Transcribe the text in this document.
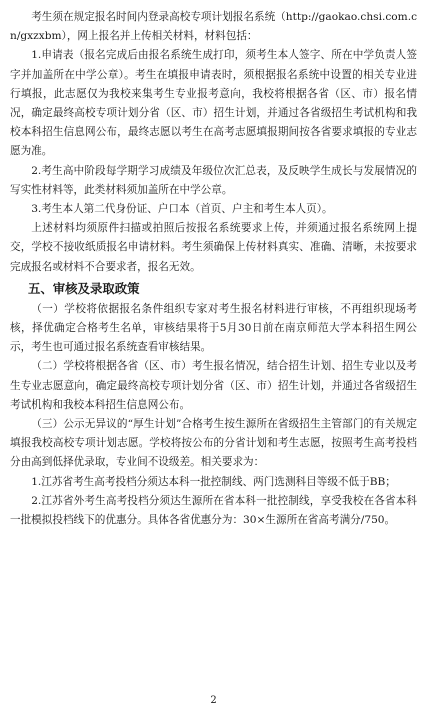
考生须在规定报名时间内登录高校专项计划报名系统（http://gaokao.chsi.com.cn/gxzxbm），网上报名并上传相关材料，材料包括：

1.申请表（报名完成后由报名系统生成打印，须考生本人签字、所在中学负责人签字并加盖所在中学公章）。考生在填报申请表时，须根据报名系统中设置的相关专业进行填报，此志愿仅为我校来集考生专业报考意向，我校将根据各省（区、市）报名情况，确定最终高校专项计划分省（区、市）招生计划，并通过各省级招生考试机构和我校本科招生信息网公布，最终志愿以考生在高考志愿填报期间按各省要求填报的专业志愿为准。

2.考生高中阶段每学期学习成绩及年级位次汇总表，及反映学生成长与发展情况的写实性材料等，此类材料须加盖所在中学公章。

3.考生本人第二代身份证、户口本（首页、户主和考生本人页）。

上述材料均须原件扫描或拍照后按报名系统要求上传，并须通过报名系统网上提交，学校不接收纸质报名申请材料。考生须确保上传材料真实、准确、清晰，未按要求完成报名或材料不合要求者，报名无效。

五、审核及录取政策

（一）学校将依据报名条件组织专家对考生报名材料进行审核，不再组织现场考核，择优确定合格考生名单，审核结果将于5月30日前在南京师范大学本科招生网公示，考生也可通过报名系统查看审核结果。

（二）学校将根据各省（区、市）考生报名情况，结合招生计划、招生专业以及考生专业志愿意向，确定最终高校专项计划分省（区、市）招生计划，并通过各省级招生考试机构和我校本科招生信息网公布。

（三）公示无异议的“厚生计划”合格考生按生源所在省级招生主管部门的有关规定填报我校高校专项计划志愿。学校将按公布的分省计划和考生志愿，按照考生高考投档分由高到低择优录取，专业间不设级差。相关要求为：

1.江苏省考生高考投档分须达本科一批控制线、两门选测科目等级不低于BB；

2.江苏省外考生高考投档分须达生源所在省本科一批控制线，享受我校在各省本科一批模拟投档线下的优惠分。具体各省优惠分为：30×生源所在省高考满分/750。

2
